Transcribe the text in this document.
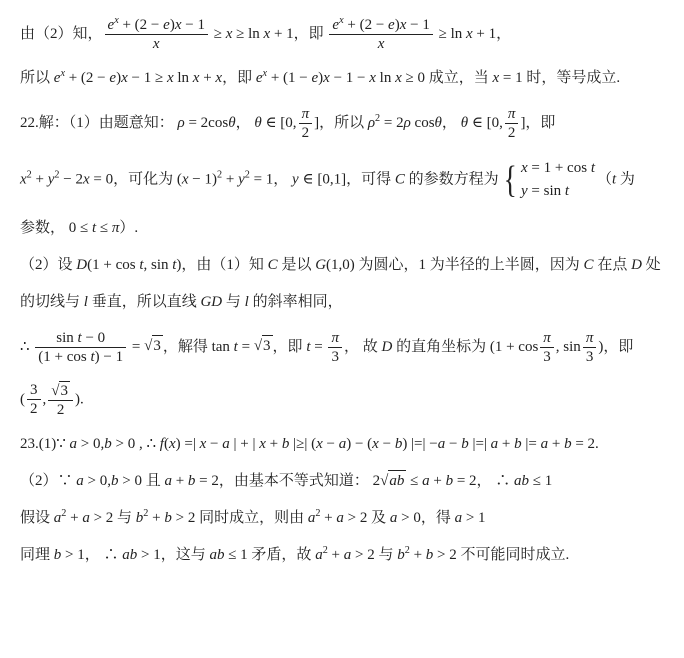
由（2）知， $\frac{e^x + (2 - e)x - 1}{x} \ge x \ge \ln x + 1$，即 $\frac{e^x + (2 - e)x - 1}{x} \ge \ln x + 1$，
所以 $e^x + (2 - e)x - 1 \ge x$ ln x + x，即 $e^x + (1 - e)x - 1 - x$ ln x ≥ 0 成立，当 x = 1 时，等号成立.
22.解：（1）由题意知： ρ = 2cosθ， θ ∈ [0, $\frac{\pi}{2}$ ]，所以 $\rho^2 = 2\rho$ cosθ， θ ∈ [0, $\frac{\pi}{2}$ ]，即
$x^2 + y^2 - 2x = 0$，可化为 $(x - 1)^2 + y^2 = 1$， y ∈ [0,1]，可得 C 的参数方程为 { x = 1 + cos t
y = sin t
（t 为
参数， 0 ≤ t ≤ π）.
（2）设 D(1 + cos t, sin t)，由（1）知 C 是以 G(1,0) 为圆心，1 为半径的上半圆，因为 C 在点 D 处
的切线与 l 垂直，所以直线 GD 与 l 的斜率相同，
∴ $\frac{\text{sin t − 0}}{\text{(1 + cos t) − 1}} = √3$ ，解得 tan t = √3 ，即 $t = \frac{\pi}{3}$ ， 故 D 的直角坐标为 ($1 + \cos \frac{\pi}{3}$ , $\sin \frac{\pi}{3}$ )，即
( $\frac{3}{2}$ , $\frac{√3}{2}$ ).
23.(1)∵ a > 0,b > 0 , ∴ f(x) =| x − a | + | x + b |≥| (x − a) − (x − b) |=| −a − b |=| a + b |= a + b = 2.
（2）∵ a > 0,b > 0 且 a + b = 2，由基本不等式知道： 2√ab ≤ a + b = 2， ∴ ab ≤ 1
假设 $a^2 + a > 2$ 与 $b^2 + b > 2$ 同时成立，则由 $a^2 + a > 2$ 及 a > 0，得 a > 1
同理 b > 1， ∴ ab > 1，这与 ab ≤ 1 矛盾，故 $a^2 + a > 2$ 与 $b^2 + b > 2$ 不可能同时成立.
